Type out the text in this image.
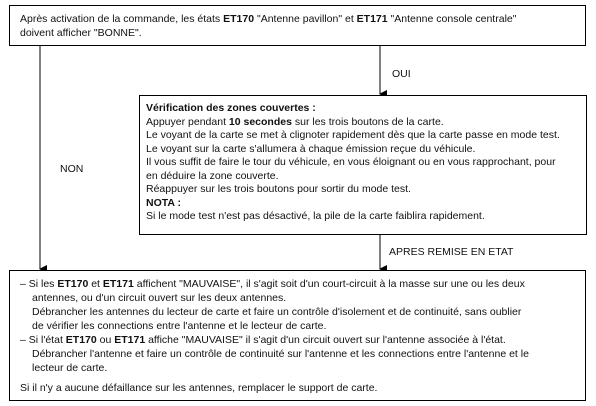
Après activation de la commande, les états ET170 "Antenne pavillon" et ET171 "Antenne console centrale"
doivent afficher "BONNE".
OUI
NON
APRES REMISE EN ETAT
Vérification des zones couvertes :
Appuyer pendant 10 secondes sur les trois boutons de la carte.
Le voyant de la carte se met à clignoter rapidement dès que la carte passe en mode test.
Le voyant sur la carte s'allumera à chaque émission reçue du véhicule.
Il vous suffit de faire le tour du véhicule, en vous éloignant ou en vous rapprochant, pour
en déduire la zone couverte.
Réappuyer sur les trois boutons pour sortir du mode test.
NOTA :
Si le mode test n'est pas désactivé, la pile de la carte faiblira rapidement.
– Si les ET170 et ET171 affichent "MAUVAISE", il s'agit soit d'un court-circuit à la masse sur une ou les deux
antennes, ou d'un circuit ouvert sur les deux antennes.
Débrancher les antennes du lecteur de carte et faire un contrôle d'isolement et de continuité, sans oublier
de vérifier les connections entre l'antenne et le lecteur de carte.
– Si l'état ET170 ou ET171 affiche "MAUVAISE" il s'agit d'un circuit ouvert sur l'antenne associée à l'état.
Débrancher l'antenne et faire un contrôle de continuité sur l'antenne et les connections entre l'antenne et le
lecteur de carte.
Si il n'y a aucune défaillance sur les antennes, remplacer le support de carte.
